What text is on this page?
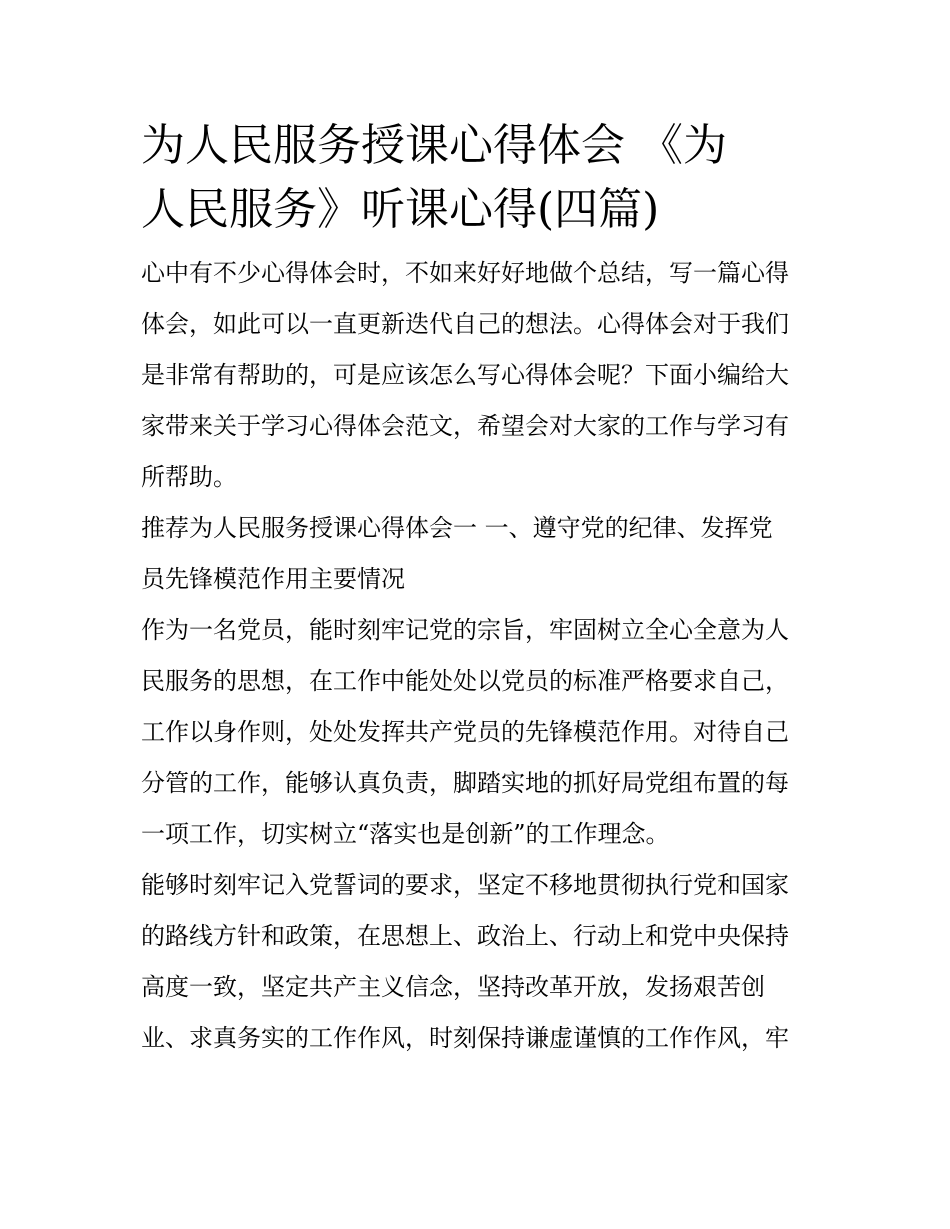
为人民服务授课心得体会 《为
人民服务》听课心得(四篇)

心中有不少心得体会时，不如来好好地做个总结，写一篇心得
体会，如此可以一直更新迭代自己的想法。心得体会对于我们
是非常有帮助的，可是应该怎么写心得体会呢？下面小编给大
家带来关于学习心得体会范文，希望会对大家的工作与学习有
所帮助。

推荐为人民服务授课心得体会一 一、遵守党的纪律、发挥党
员先锋模范作用主要情况

作为一名党员，能时刻牢记党的宗旨，牢固树立全心全意为人
民服务的思想，在工作中能处处以党员的标准严格要求自己，
工作以身作则，处处发挥共产党员的先锋模范作用。对待自己
分管的工作，能够认真负责，脚踏实地的抓好局党组布置的每
一项工作，切实树立“落实也是创新”的工作理念。

能够时刻牢记入党誓词的要求，坚定不移地贯彻执行党和国家
的路线方针和政策，在思想上、政治上、行动上和党中央保持
高度一致，坚定共产主义信念，坚持改革开放，发扬艰苦创
业、求真务实的工作作风，时刻保持谦虚谨慎的工作作风，牢
